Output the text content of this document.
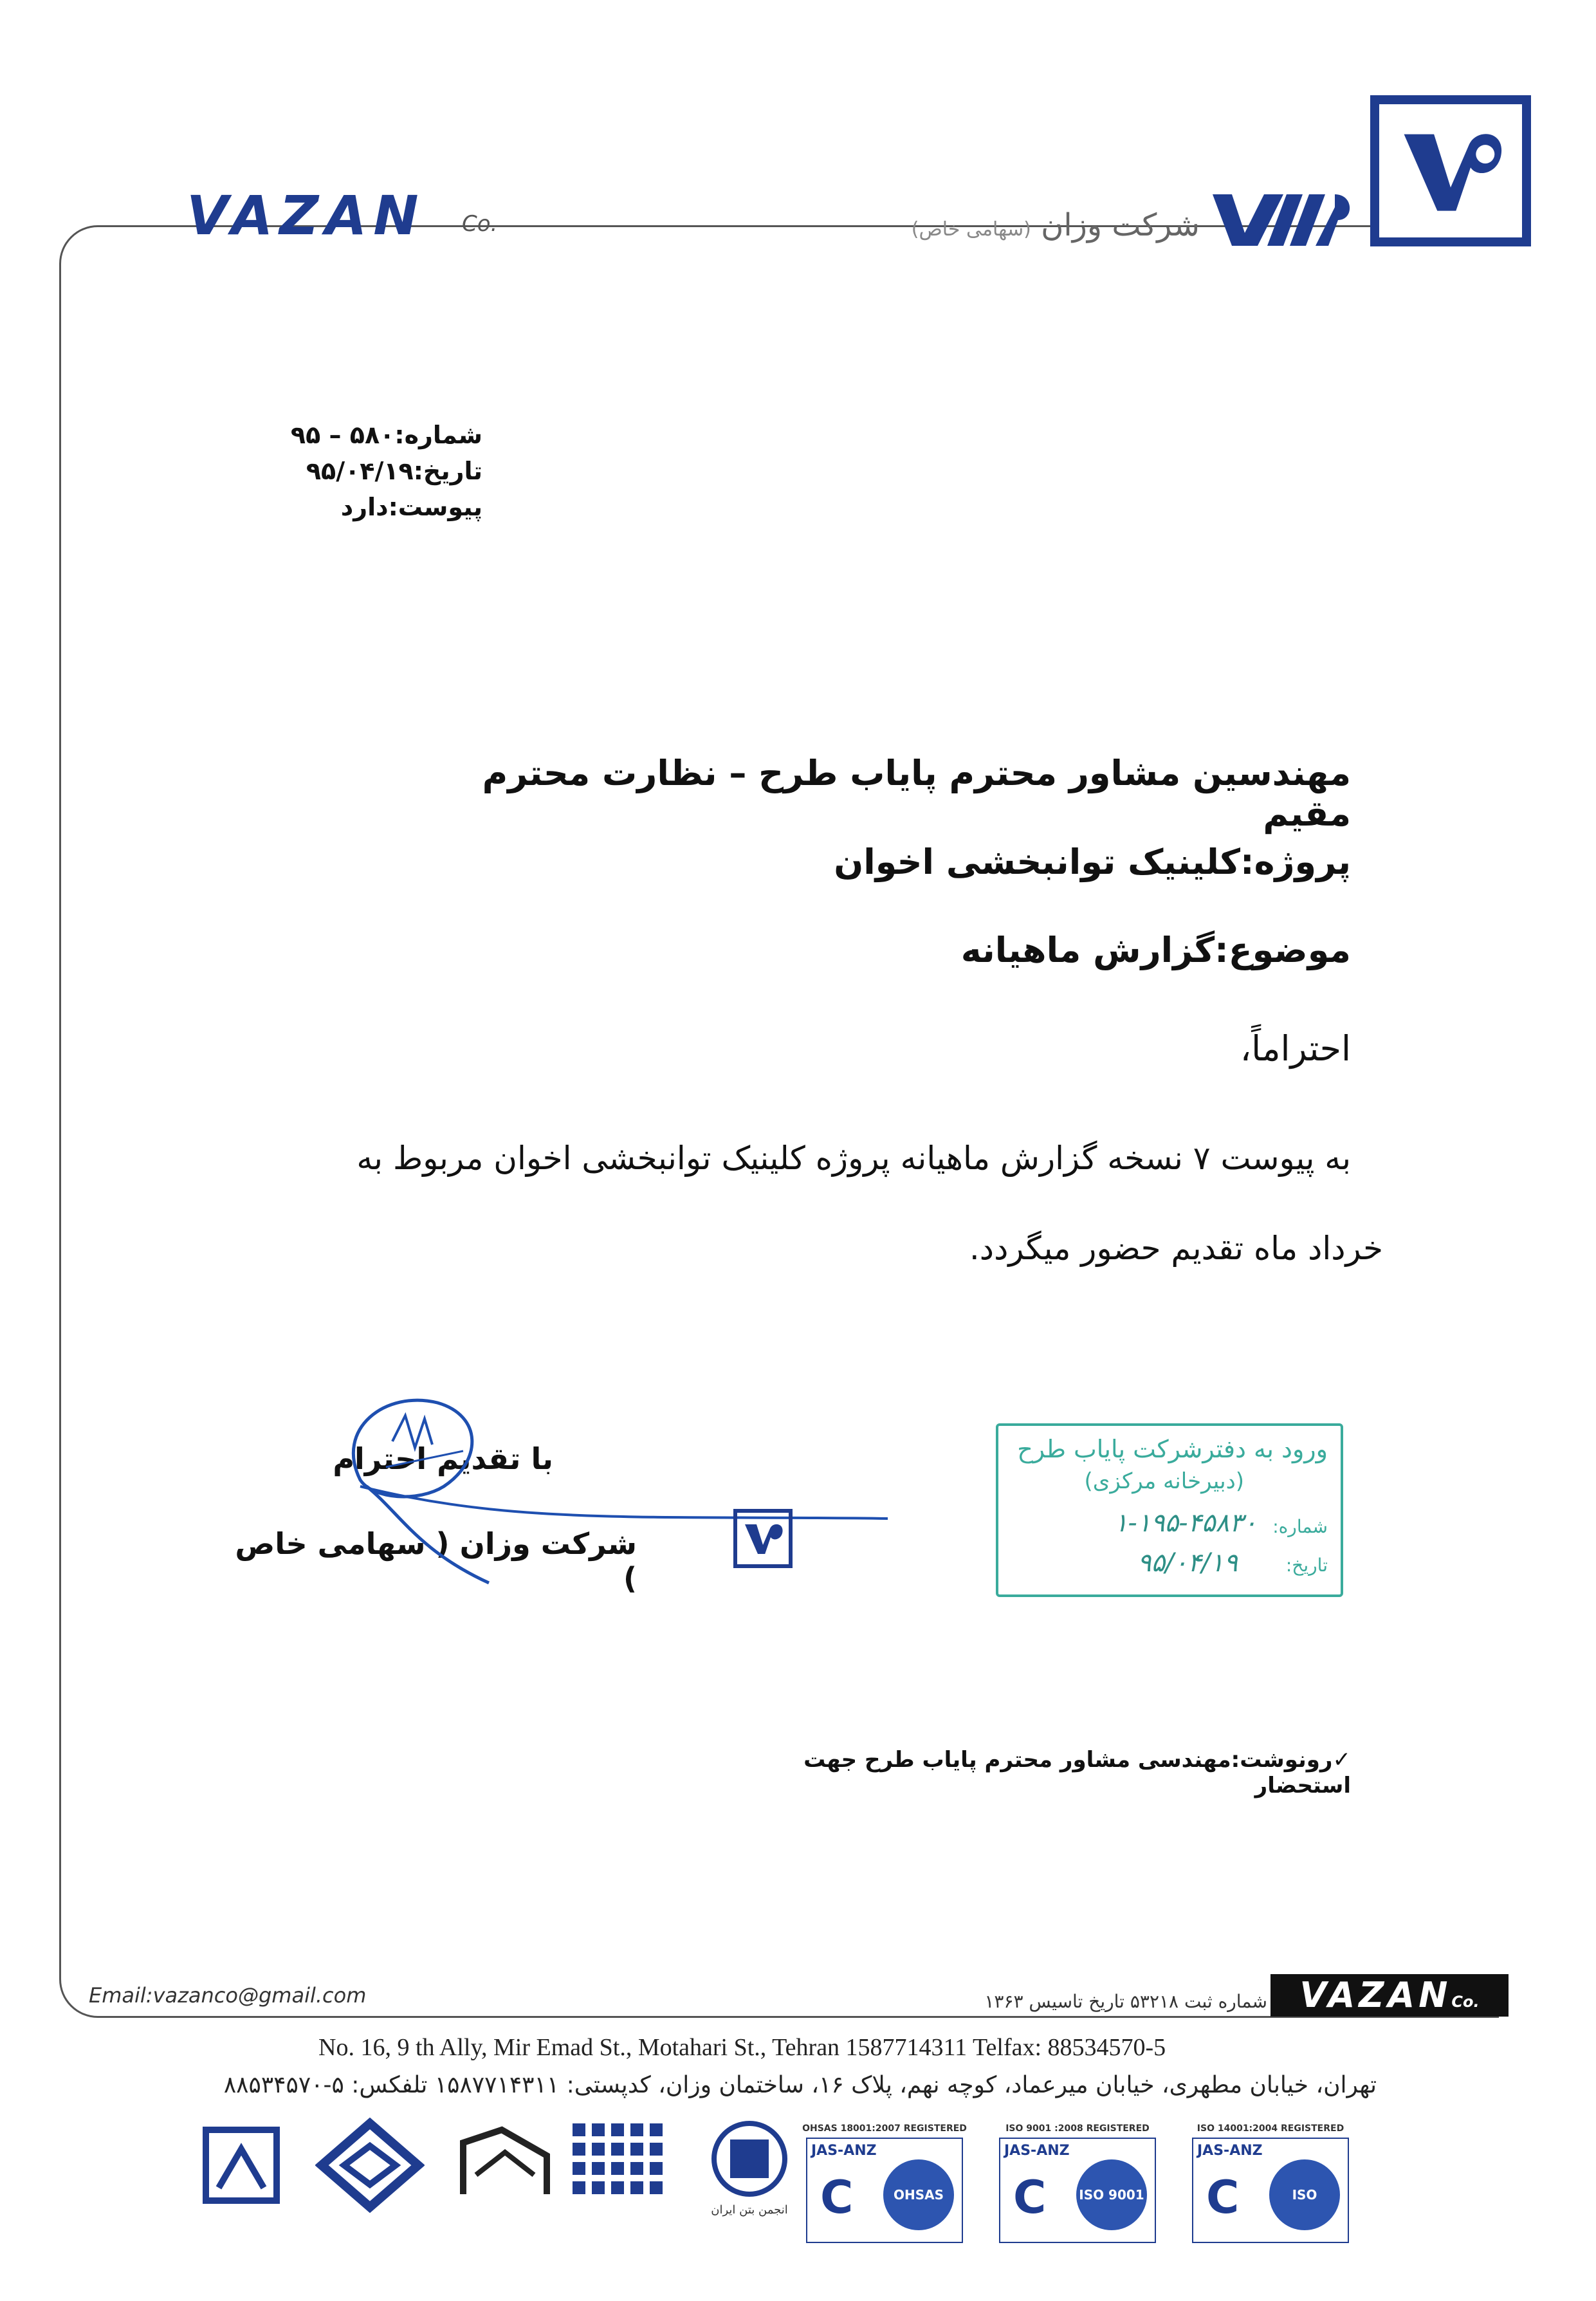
VAZAN Co.	شرکت وزان (سهامی خاص)
شماره:۵۸۰ – ۹۵
تاریخ:۹۵/۰۴/۱۹
پیوست:دارد
مهندسین مشاور محترم پایاب طرح – نظارت محترم مقیم
پروژه:کلینیک توانبخشی اخوان
موضوع:گزارش ماهیانه
احتراماً،
به پیوست ۷ نسخه گزارش ماهیانه پروژه کلینیک توانبخشی اخوان مربوط به
خرداد ماه تقدیم حضور میگردد.
با تقدیم احترام
شرکت وزان ( سهامی خاص )
ورود به دفترشرکت پایاب طرح
(دبیرخانه مرکزی)
شماره:
۱-۱۹۵-۴۵۸۳۰
تاریخ:
۹۵/۰۴/۱۹
✓رونوشت:مهندسی مشاور محترم پایاب طرح جهت استحضار
Email:vazanco@gmail.com	شماره ثبت ۵۳۲۱۸ تاریخ تاسیس ۱۳۶۳ VAZANCo.
No. 16, 9 th Ally, Mir Emad St., Motahari St., Tehran 1587714311 Telfax: 88534570-5
تهران، خیابان مطهری، خیابان میرعماد، کوچه نهم، پلاک ۱۶، ساختمان وزان، کدپستی: ۱۵۸۷۷۱۴۳۱۱ تلفکس: ۵-۸۸۵۳۴۵۷۰
ISO 14001:2004 REGISTERED
JAS-ANZ
C	ISO 14001
ISO 9001 :2008 REGISTERED
JAS-ANZ
C	ISO 9001
OHSAS 18001:2007 REGISTERED
JAS-ANZ
C	OHSAS 18001
انجمن بتن ایران
